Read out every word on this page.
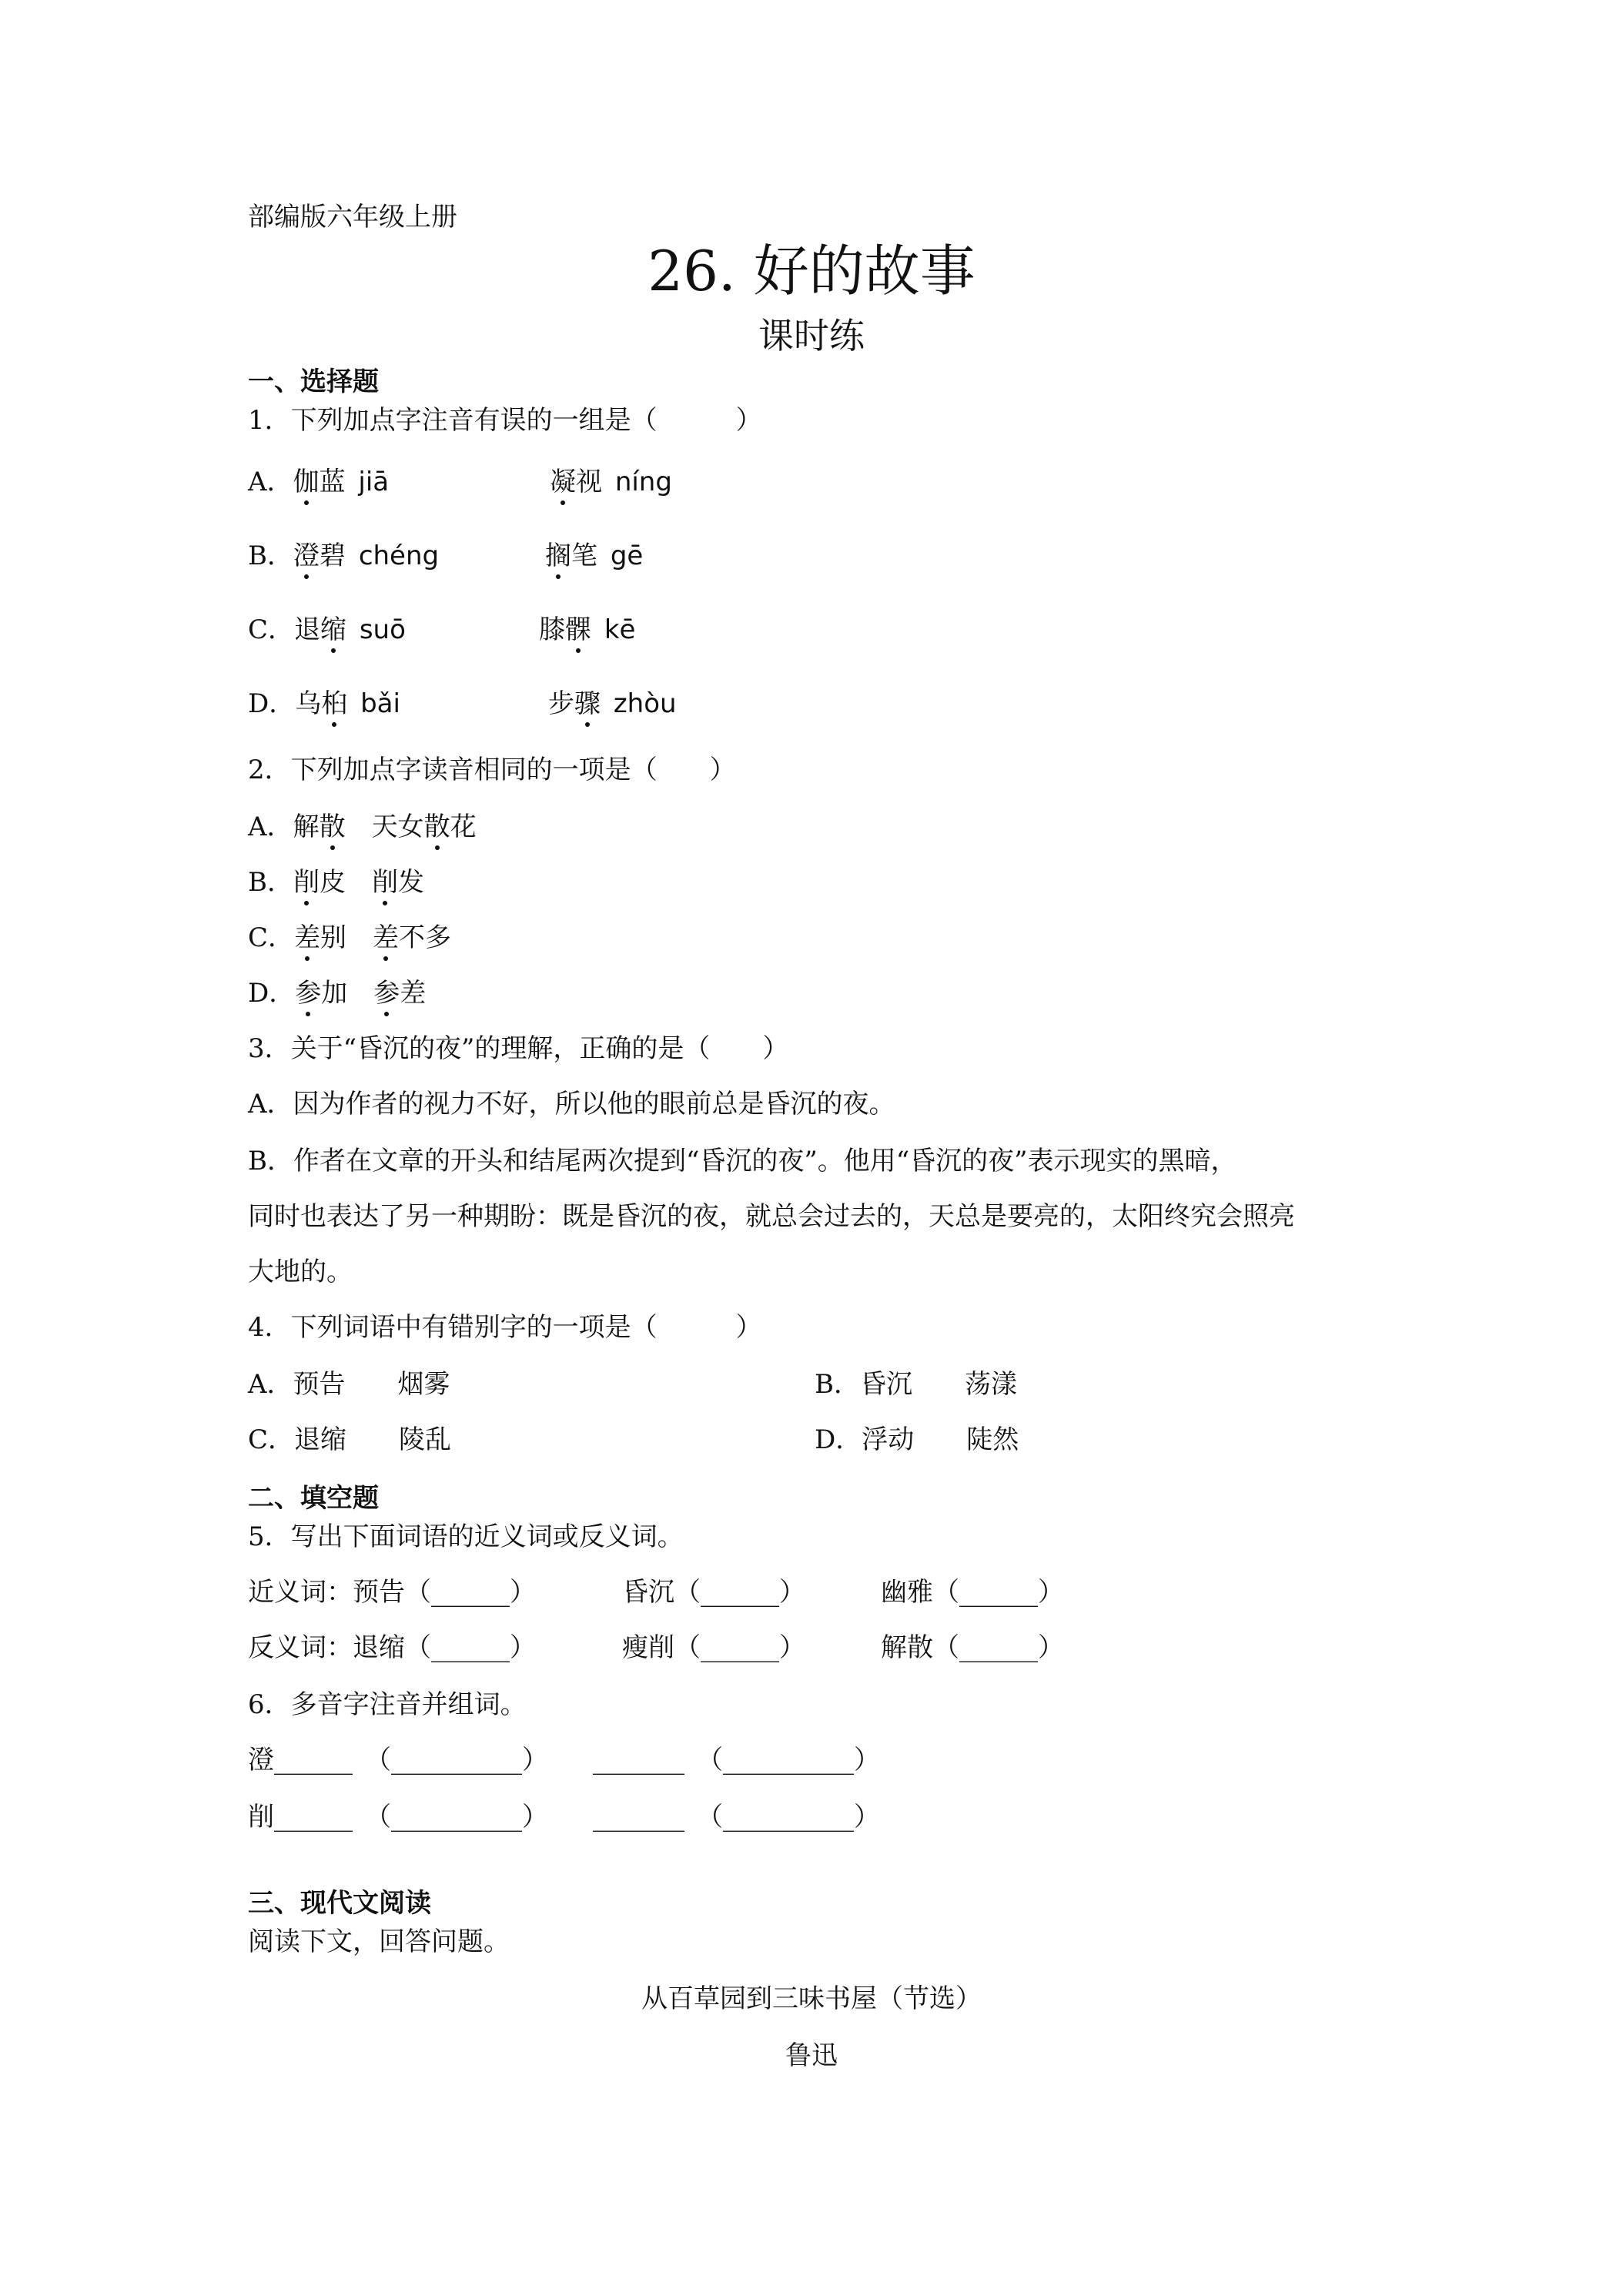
部编版六年级上册
26. 好的故事
课时练
一、选择题
1．下列加点字注音有误的一组是（　　　）
A．伽蓝 jiā	凝视 níng
B．澄碧 chéng	搁笔 gē
C．退缩 suō	膝髁 kē
D．乌桕 bǎi	步骤 zhòu
2．下列加点字读音相同的一项是（　　）
A．解散 天女散花
B．削皮 削发
C．差别 差不多
D．参加 参差
3．关于“昏沉的夜”的理解，正确的是（　　）
A．因为作者的视力不好，所以他的眼前总是昏沉的夜。
B．作者在文章的开头和结尾两次提到“昏沉的夜”。他用“昏沉的夜”表示现实的黑暗，
同时也表达了另一种期盼：既是昏沉的夜，就总会过去的，天总是要亮的，太阳终究会照亮
大地的。
4．下列词语中有错别字的一项是（　　　）
A．预告　　烟雾	B．昏沉　　荡漾
C．退缩　　陵乱	D．浮动　　陡然
二、填空题
5．写出下面词语的近义词或反义词。
近义词：预告（______）	昏沉（______）	幽雅（______）
反义词：退缩（______）	瘦削（______）	解散（______）
6．多音字注音并组词。
澄______ （__________） _______ （__________）
削______ （__________） _______ （__________）
三、现代文阅读
阅读下文，回答问题。
从百草园到三味书屋（节选）
鲁迅
